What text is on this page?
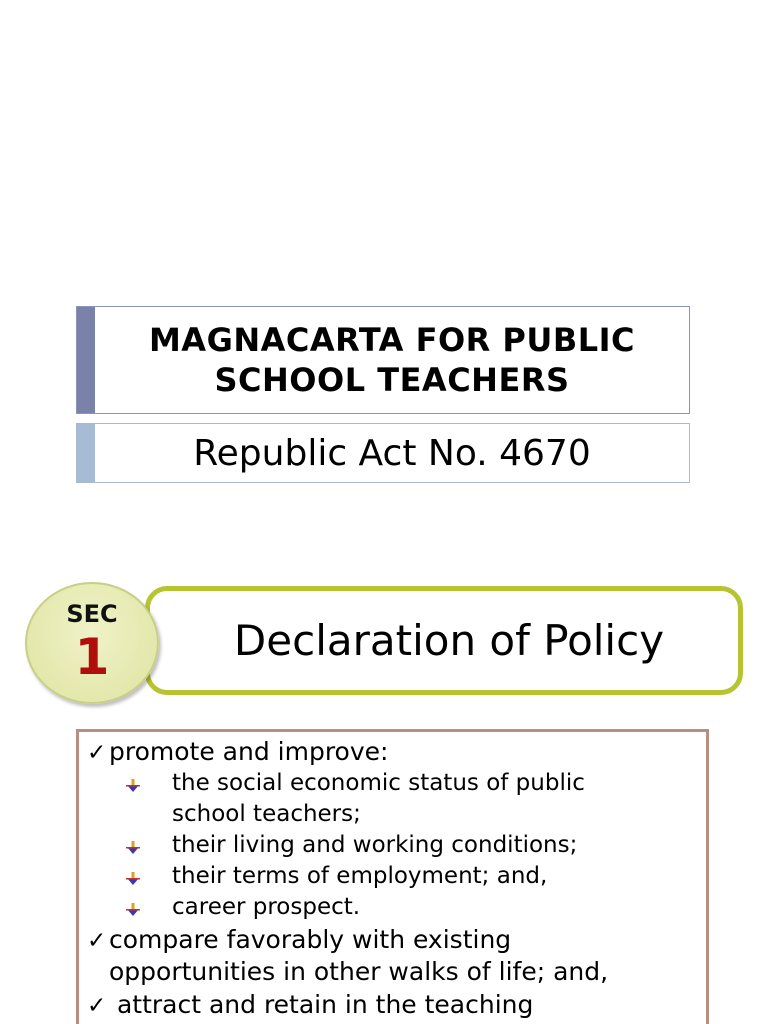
MAGNACARTA FOR PUBLIC
SCHOOL TEACHERS
Republic Act No. 4670
Declaration of Policy
SEC
1
✓ promote and improve:
the social economic status of public
school teachers;
their living and working conditions;
their terms of employment; and,
career prospect.
✓ compare favorably with existing
opportunities in other walks of life; and,
✓ attract and retain in the teaching
